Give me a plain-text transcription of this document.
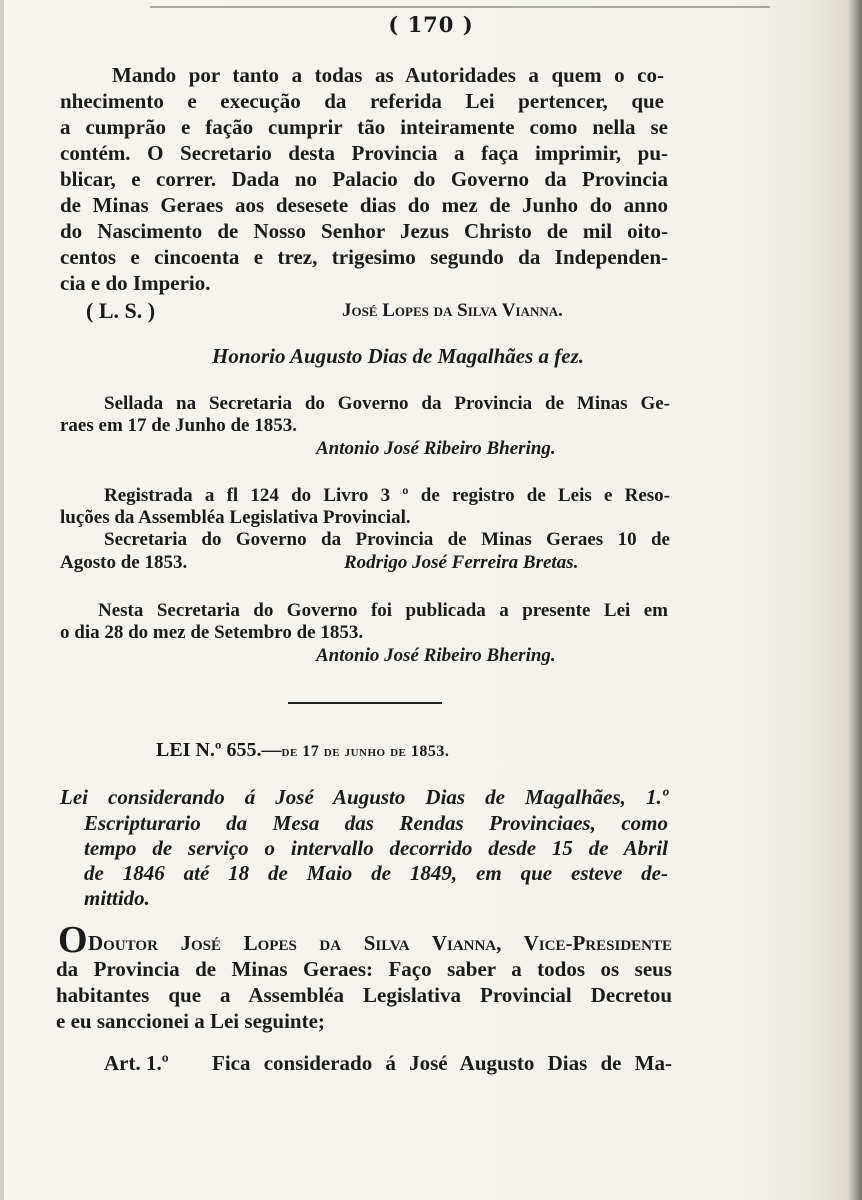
( 170 )
Mando por tanto a todas as Autoridades a quem o co-
nhecimento e execução da referida Lei pertencer, que
a cumprão e fação cumprir tão inteiramente como nella se
contém. O Secretario desta Provincia a faça imprimir, pu-
blicar, e correr. Dada no Palacio do Governo da Provincia
de Minas Geraes aos desesete dias do mez de Junho do anno
do Nascimento de Nosso Senhor Jezus Christo de mil oito-
centos e cincoenta e trez, trigesimo segundo da Independen-
cia e do Imperio.
( L. S. )	José Lopes da Silva Vianna.
Honorio Augusto Dias de Magalhães a fez.
Sellada na Secretaria do Governo da Provincia de Minas Ge-
raes em 17 de Junho de 1853.
Antonio José Ribeiro Bhering.
Registrada a fl 124 do Livro 3 º de registro de Leis e Reso-
luções da Assembléa Legislativa Provincial.
Secretaria do Governo da Provincia de Minas Geraes 10 de
Agosto de 1853.	Rodrigo José Ferreira Bretas.
Nesta Secretaria do Governo foi publicada a presente Lei em
o dia 28 do mez de Setembro de 1853.
Antonio José Ribeiro Bhering.
LEI N.º 655.—de 17 de junho de 1853.
Lei considerando á José Augusto Dias de Magalhães, 1.º
Escripturario da Mesa das Rendas Provinciaes, como
tempo de serviço o intervallo decorrido desde 15 de Abril
de 1846 até 18 de Maio de 1849, em que esteve de-
mittido.
O Doutor José Lopes da Silva Vianna, Vice-Presidente
da Provincia de Minas Geraes: Faço saber a todos os seus
habitantes que a Assembléa Legislativa Provincial Decretou
e eu sanccionei a Lei seguinte;
Art. 1.º Fica considerado á José Augusto Dias de Ma-
